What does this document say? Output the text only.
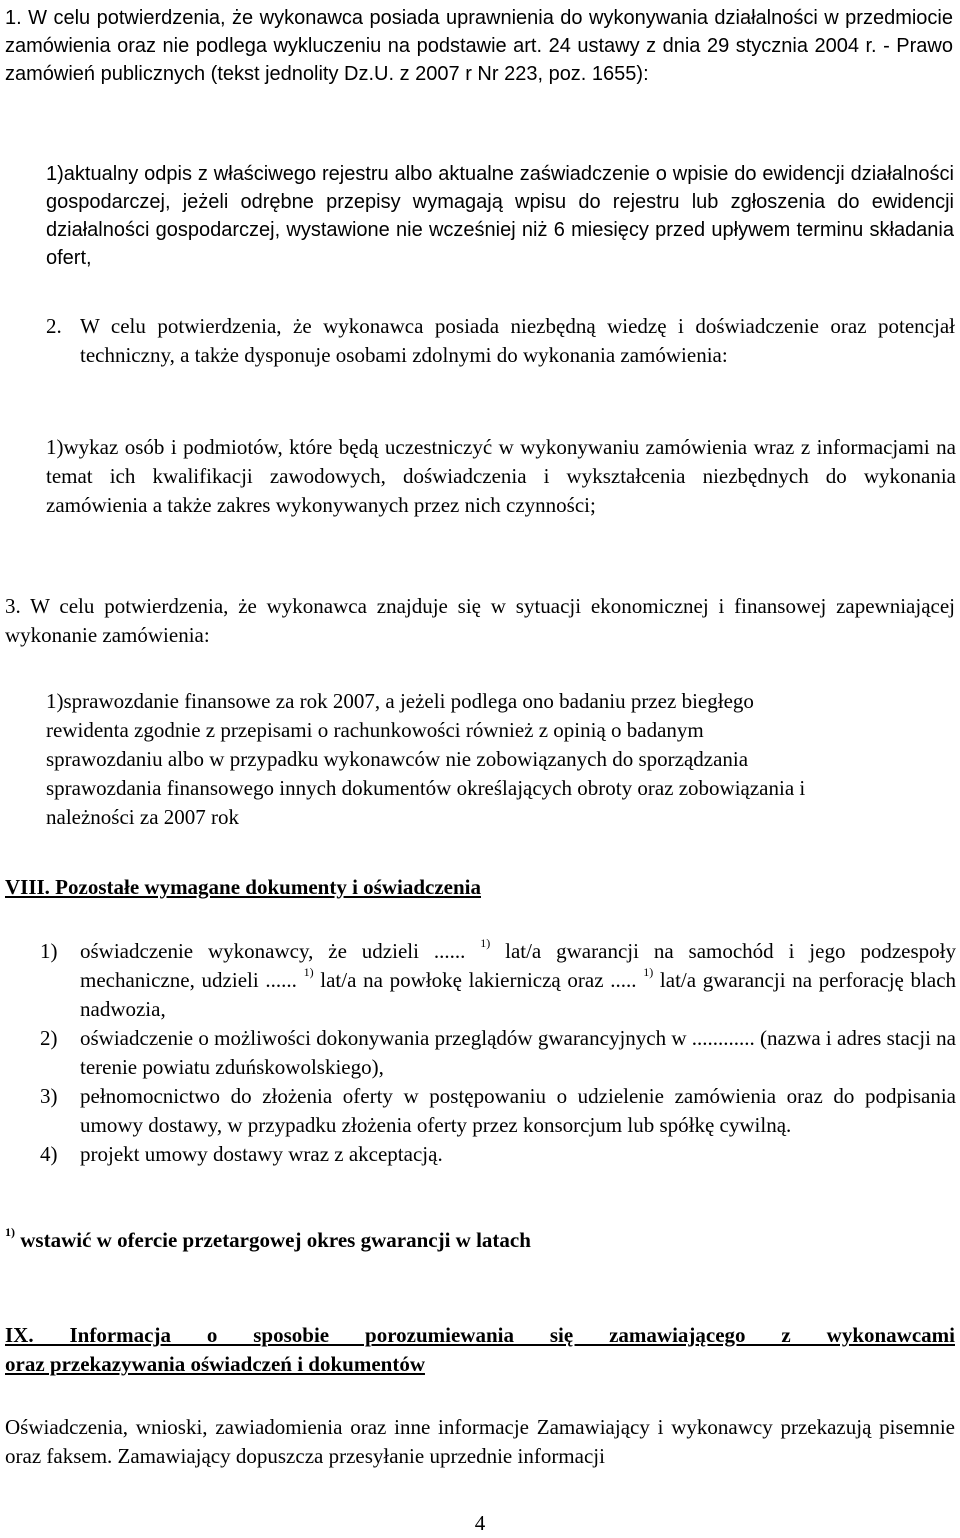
1. W celu potwierdzenia, że wykonawca posiada uprawnienia do wykonywania działalności w przedmiocie zamówienia oraz nie podlega wykluczeniu na podstawie art. 24 ustawy z dnia 29 stycznia 2004 r. - Prawo zamówień publicznych (tekst jednolity Dz.U. z 2007 r Nr 223, poz. 1655):

1)aktualny odpis z właściwego rejestru albo aktualne zaświadczenie o wpisie do ewidencji działalności gospodarczej, jeżeli odrębne przepisy wymagają wpisu do rejestru lub zgłoszenia do ewidencji działalności gospodarczej, wystawione nie wcześniej niż 6 miesięcy przed upływem terminu składania ofert,

2. W celu potwierdzenia, że wykonawca posiada niezbędną wiedzę i doświadczenie oraz potencjał techniczny, a także dysponuje osobami zdolnymi do wykonania zamówienia:

1)wykaz osób i podmiotów, które będą uczestniczyć w wykonywaniu zamówienia wraz z informacjami na temat ich kwalifikacji zawodowych, doświadczenia i wykształcenia niezbędnych do wykonania zamówienia a także zakres wykonywanych przez nich czynności;

3. W celu potwierdzenia, że wykonawca znajduje się w sytuacji ekonomicznej i finansowej zapewniającej wykonanie zamówienia:

1)sprawozdanie finansowe za rok 2007, a jeżeli podlega ono badaniu przez biegłego
rewidenta zgodnie z przepisami o rachunkowości również z opinią o badanym
sprawozdaniu albo w przypadku wykonawców nie zobowiązanych do sporządzania
sprawozdania finansowego innych dokumentów określających obroty oraz zobowiązania i
należności za 2007 rok

VIII. Pozostałe wymagane dokumenty i oświadczenia

1) oświadczenie wykonawcy, że udzieli ...... $^{1)}$ lat/a gwarancji na samochód i jego podzespoły mechaniczne, udzieli ...... $^{1)}$ lat/a na powłokę lakierniczą oraz ..... $^{1)}$ lat/a gwarancji na perforację blach nadwozia,
2) oświadczenie o możliwości dokonywania przeglądów gwarancyjnych w ............ (nazwa i adres stacji na terenie powiatu zduńskowolskiego),
3) pełnomocnictwo do złożenia oferty w postępowaniu o udzielenie zamówienia oraz do podpisania umowy dostawy, w przypadku złożenia oferty przez konsorcjum lub spółkę cywilną.
4) projekt umowy dostawy wraz z akceptacją.

$^{1)}$ wstawić w ofercie przetargowej okres gwarancji w latach

IX. Informacja o sposobie porozumiewania się zamawiającego z wykonawcami
oraz przekazywania oświadczeń i dokumentów

Oświadczenia, wnioski, zawiadomienia oraz inne informacje Zamawiający i wykonawcy przekazują pisemnie oraz faksem. Zamawiający dopuszcza przesyłanie uprzednie informacji

4
